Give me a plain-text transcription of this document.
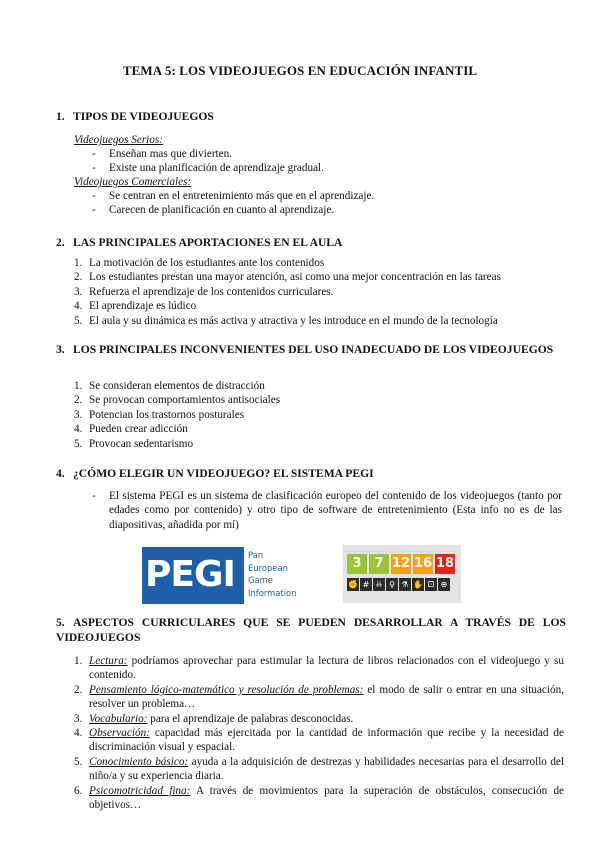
TEMA 5: LOS VIDEOJUEGOS EN EDUCACIÓN INFANTIL
1. TIPOS DE VIDEOJUEGOS
Videojuegos Serios:
- Enseñan mas que divierten.
- Existe una planificación de aprendizaje gradual.
Videojuegos Comerciales:
- Se centran en el entretenimiento más que en el aprendizaje.
- Carecen de planificación en cuanto al aprendizaje.
2. LAS PRINCIPALES APORTACIONES EN EL AULA
1. La motivación de los estudiantes ante los contenidos
2. Los estudiantes prestan una mayor atención, asi como una mejor concentración en las tareas
3. Refuerza el aprendizaje de los contenidos curriculares.
4. El aprendizaje es lúdico
5. El aula y su dinámica es más activa y atractiva y les introduce en el mundo de la tecnología
3. LOS PRINCIPALES INCONVENIENTES DEL USO INADECUADO DE LOS VIDEOJUEGOS
1. Se consideran elementos de distracción
2. Se provocan comportamientos antisociales
3. Potencian los trastornos posturales
4. Pueden crear adicción
5. Provocan sedentarismo
4. ¿CÓMO ELEGIR UN VIDEOJUEGO? EL SISTEMA PEGI
-	El sistema PEGI es un sistema de clasificación europeo del contenido de los videojuegos (tanto por edades como por contenido) y otro tipo de software de entretenimiento (Esta info no es de las diapositivas, añadida por mí)
PEGI Pan
European
Game
Information
3 7 12 16 18
✊ # ☠ ♀ ⚗ ✋ ⚀ ⊕
5. ASPECTOS CURRICULARES QUE SE PUEDEN DESARROLLAR A TRAVÉS DE LOS VIDEOJUEGOS
1. Lectura: podríamos aprovechar para estimular la lectura de libros relacionados con el videojuego y su contenido.
2. Pensamiento lógico-matemático y resolución de problemas: el modo de salir o entrar en una situación, resolver un problema…
3. Vocabulario: para el aprendizaje de palabras desconocidas.
4. Observación: capacidad más ejercitada por la cantidad de información que recibe y la necesidad de discriminación visual y espacial.
5. Conocimiento básico: ayuda a la adquisición de destrezas y habilidades necesarias para el desarrollo del niño/a y su experiencia diaria.
6. Psicomotricidad fina: A través de movimientos para la superación de obstáculos, consecución de objetivos…
